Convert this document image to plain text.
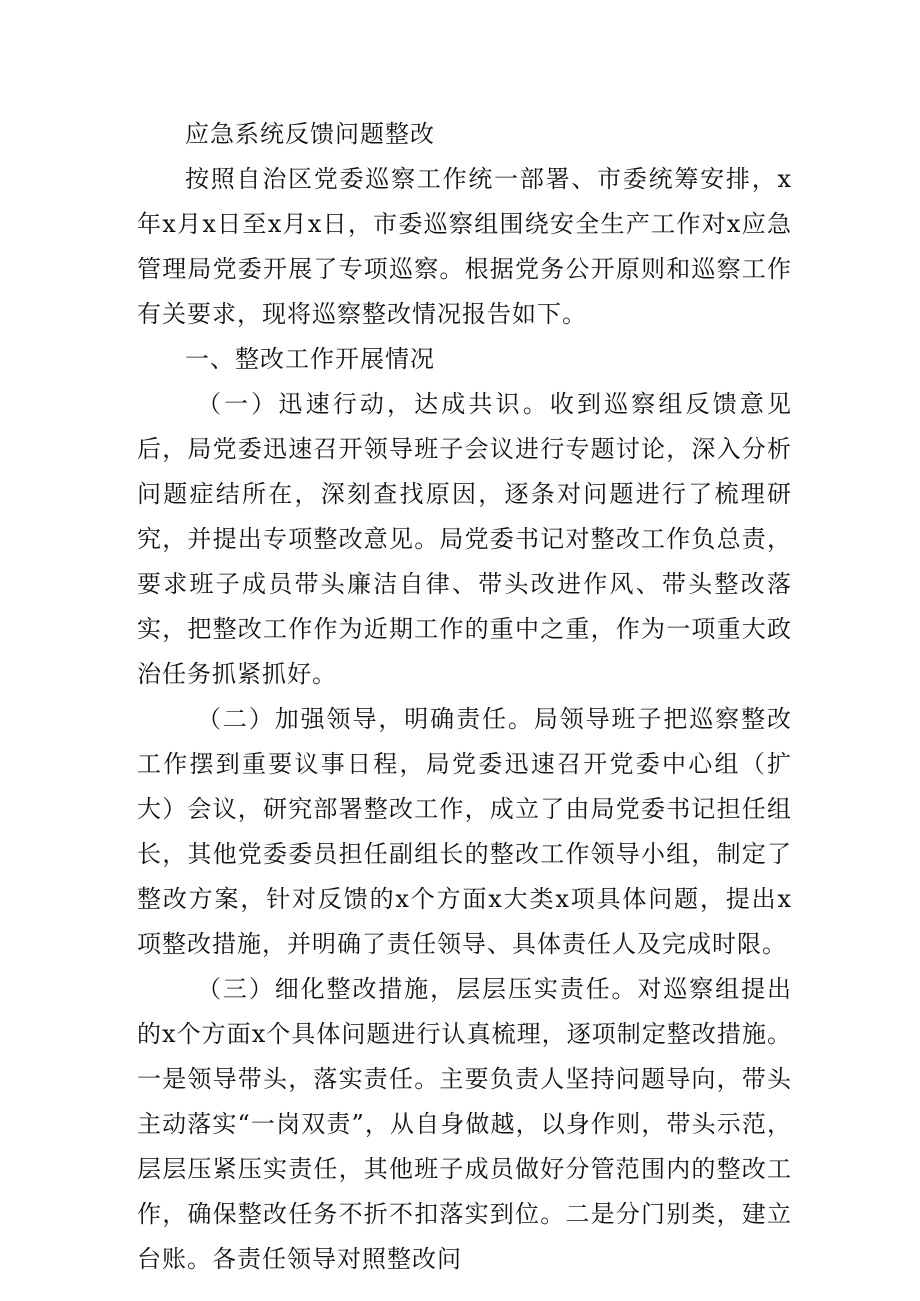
应急系统反馈问题整改

按照自治区党委巡察工作统一部署、市委统筹安排，x年x月x日至x月x日，市委巡察组围绕安全生产工作对x应急管理局党委开展了专项巡察。根据党务公开原则和巡察工作有关要求，现将巡察整改情况报告如下。

一、整改工作开展情况

（一）迅速行动，达成共识。收到巡察组反馈意见后，局党委迅速召开领导班子会议进行专题讨论，深入分析问题症结所在，深刻查找原因，逐条对问题进行了梳理研究，并提出专项整改意见。局党委书记对整改工作负总责，要求班子成员带头廉洁自律、带头改进作风、带头整改落实，把整改工作作为近期工作的重中之重，作为一项重大政治任务抓紧抓好。

（二）加强领导，明确责任。局领导班子把巡察整改工作摆到重要议事日程，局党委迅速召开党委中心组（扩大）会议，研究部署整改工作，成立了由局党委书记担任组长，其他党委委员担任副组长的整改工作领导小组，制定了整改方案，针对反馈的x个方面x大类x项具体问题，提出x项整改措施，并明确了责任领导、具体责任人及完成时限。

（三）细化整改措施，层层压实责任。对巡察组提出的x个方面x个具体问题进行认真梳理，逐项制定整改措施。一是领导带头，落实责任。主要负责人坚持问题导向，带头主动落实“一岗双责”，从自身做越，以身作则，带头示范，层层压紧压实责任，其他班子成员做好分管范围内的整改工作，确保整改任务不折不扣落实到位。二是分门别类，建立台账。各责任领导对照整改问
